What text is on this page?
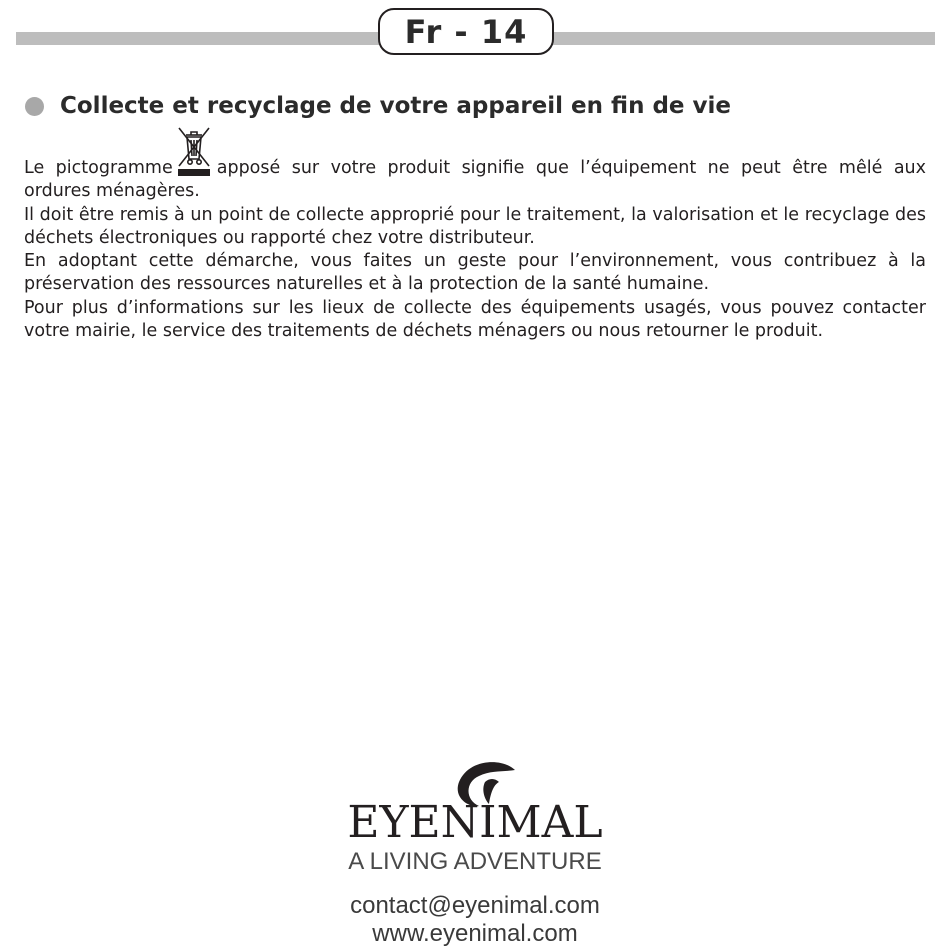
Fr - 14
Collecte et recyclage de votre appareil en fin de vie

Le pictogramme	apposé sur votre produit signifie que l’équipement ne peut être mêlé aux ordures ménagères.

Il doit être remis à un point de collecte approprié pour le traitement, la valorisation et le recyclage des déchets électroniques ou rapporté chez votre distributeur.

En adoptant cette démarche, vous faites un geste pour l’environnement, vous contribuez à la préservation des ressources naturelles et à la protection de la santé humaine.

Pour plus d’informations sur les lieux de collecte des équipements usagés, vous pouvez contacter votre mairie, le service des traitements de déchets ménagers ou nous retourner le produit.

EYENIMAL
A LIVING ADVENTURE
contact@eyenimal.com
www.eyenimal.com
